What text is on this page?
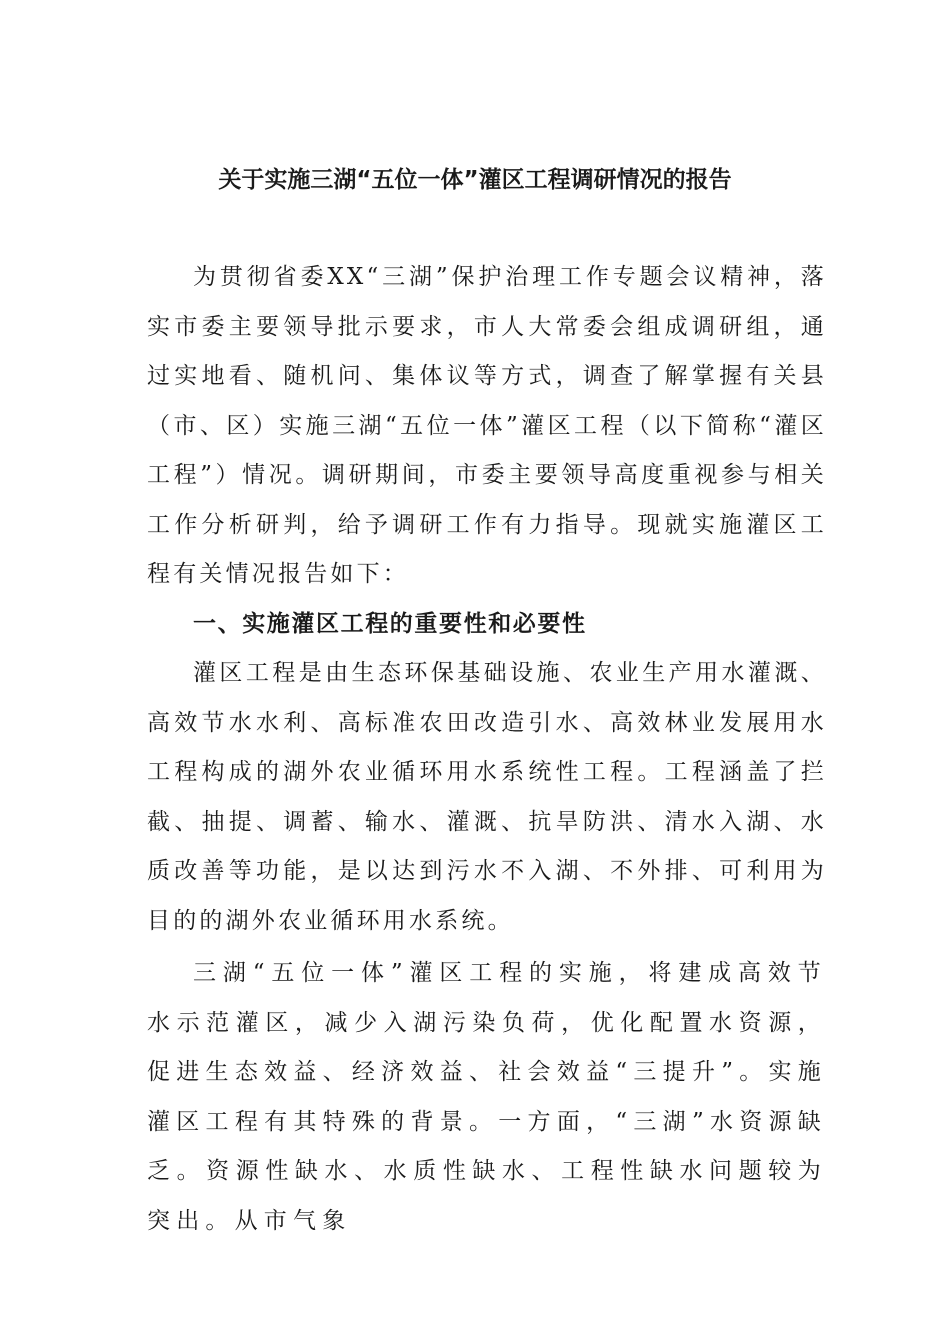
关于实施三湖“五位一体”灌区工程调研情况的报告

为贯彻省委XX“三湖”保护治理工作专题会议精神，落实市委主要领导批示要求，市人大常委会组成调研组，通过实地看、随机问、集体议等方式，调查了解掌握有关县（市、区）实施三湖“五位一体”灌区工程（以下简称“灌区工程”）情况。调研期间，市委主要领导高度重视参与相关工作分析研判，给予调研工作有力指导。现就实施灌区工程有关情况报告如下：

一、实施灌区工程的重要性和必要性

灌区工程是由生态环保基础设施、农业生产用水灌溉、高效节水水利、高标准农田改造引水、高效林业发展用水工程构成的湖外农业循环用水系统性工程。工程涵盖了拦截、抽提、调蓄、输水、灌溉、抗旱防洪、清水入湖、水质改善等功能，是以达到污水不入湖、不外排、可利用为目的的湖外农业循环用水系统。

三湖“五位一体”灌区工程的实施，将建成高效节水示范灌区，减少入湖污染负荷，优化配置水资源，促进生态效益、经济效益、社会效益“三提升”。实施灌区工程有其特殊的背景。一方面，“三湖”水资源缺乏。资源性缺水、水质性缺水、工程性缺水问题较为突出。从市气象
